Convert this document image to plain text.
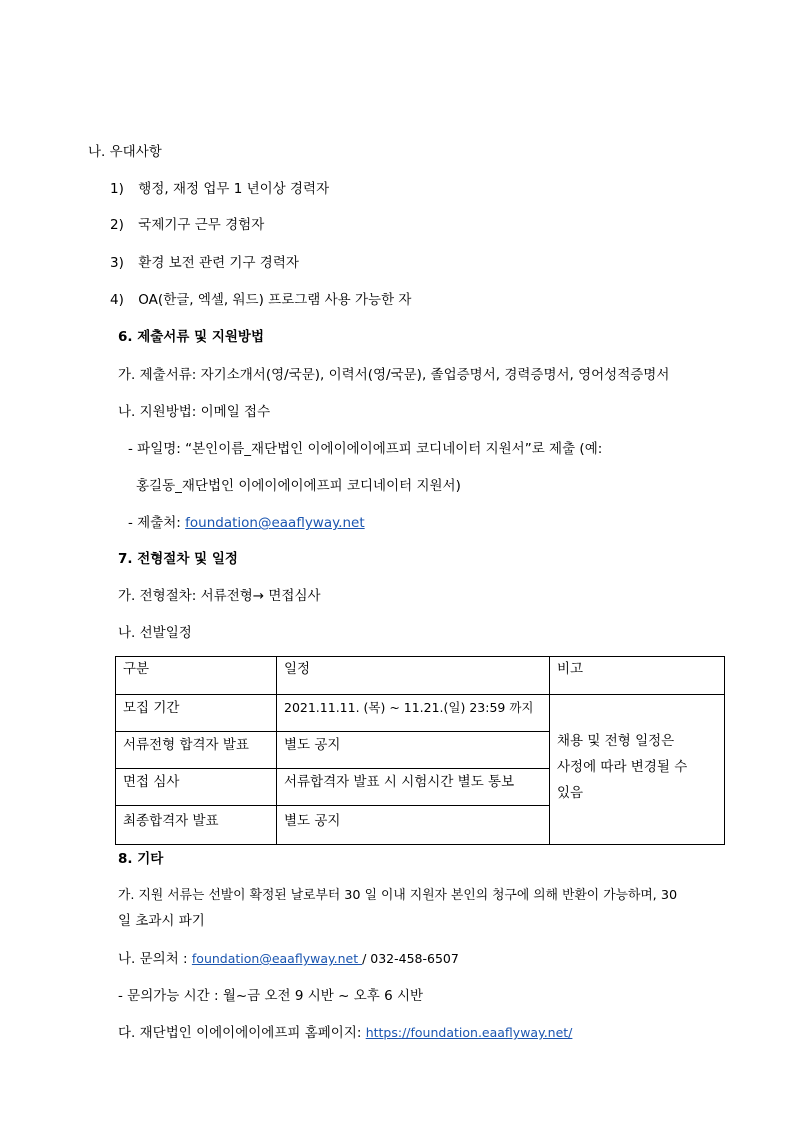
나. 우대사항
1) 행정, 재정 업무 1 년이상 경력자
2) 국제기구 근무 경험자
3) 환경 보전 관련 기구 경력자
4) OA(한글, 엑셀, 워드) 프로그램 사용 가능한 자
6. 제출서류 및 지원방법
가. 제출서류: 자기소개서(영/국문), 이력서(영/국문), 졸업증명서, 경력증명서, 영어성적증명서
나. 지원방법: 이메일 접수
- 파일명: “본인이름_재단법인 이에이에이에프피 코디네이터 지원서”로 제출 (예:
홍길동_재단법인 이에이에이에프피 코디네이터 지원서)
- 제출처: foundation@eaaflyway.net
7. 전형절차 및 일정
가. 전형절차: 서류전형→ 면접심사
나. 선발일정
구분	일정	비고
모집 기간	2021.11.11. (목) ~ 11.21.(일) 23:59 까지
서류전형 합격자 발표	별도 공지
면접 심사	서류합격자 발표 시 시험시간 별도 통보
최종합격자 발표	별도 공지
채용 및 전형 일정은
사정에 따라 변경될 수
있음
8. 기타
가. 지원 서류는 선발이 확정된 날로부터 30 일 이내 지원자 본인의 청구에 의해 반환이 가능하며, 30
일 초과시 파기
나. 문의처 : foundation@eaaflyway.net / 032-458-6507
- 문의가능 시간 : 월~금 오전 9 시반 ~ 오후 6 시반
다. 재단법인 이에이에이에프피 홈페이지: https://foundation.eaaflyway.net/
